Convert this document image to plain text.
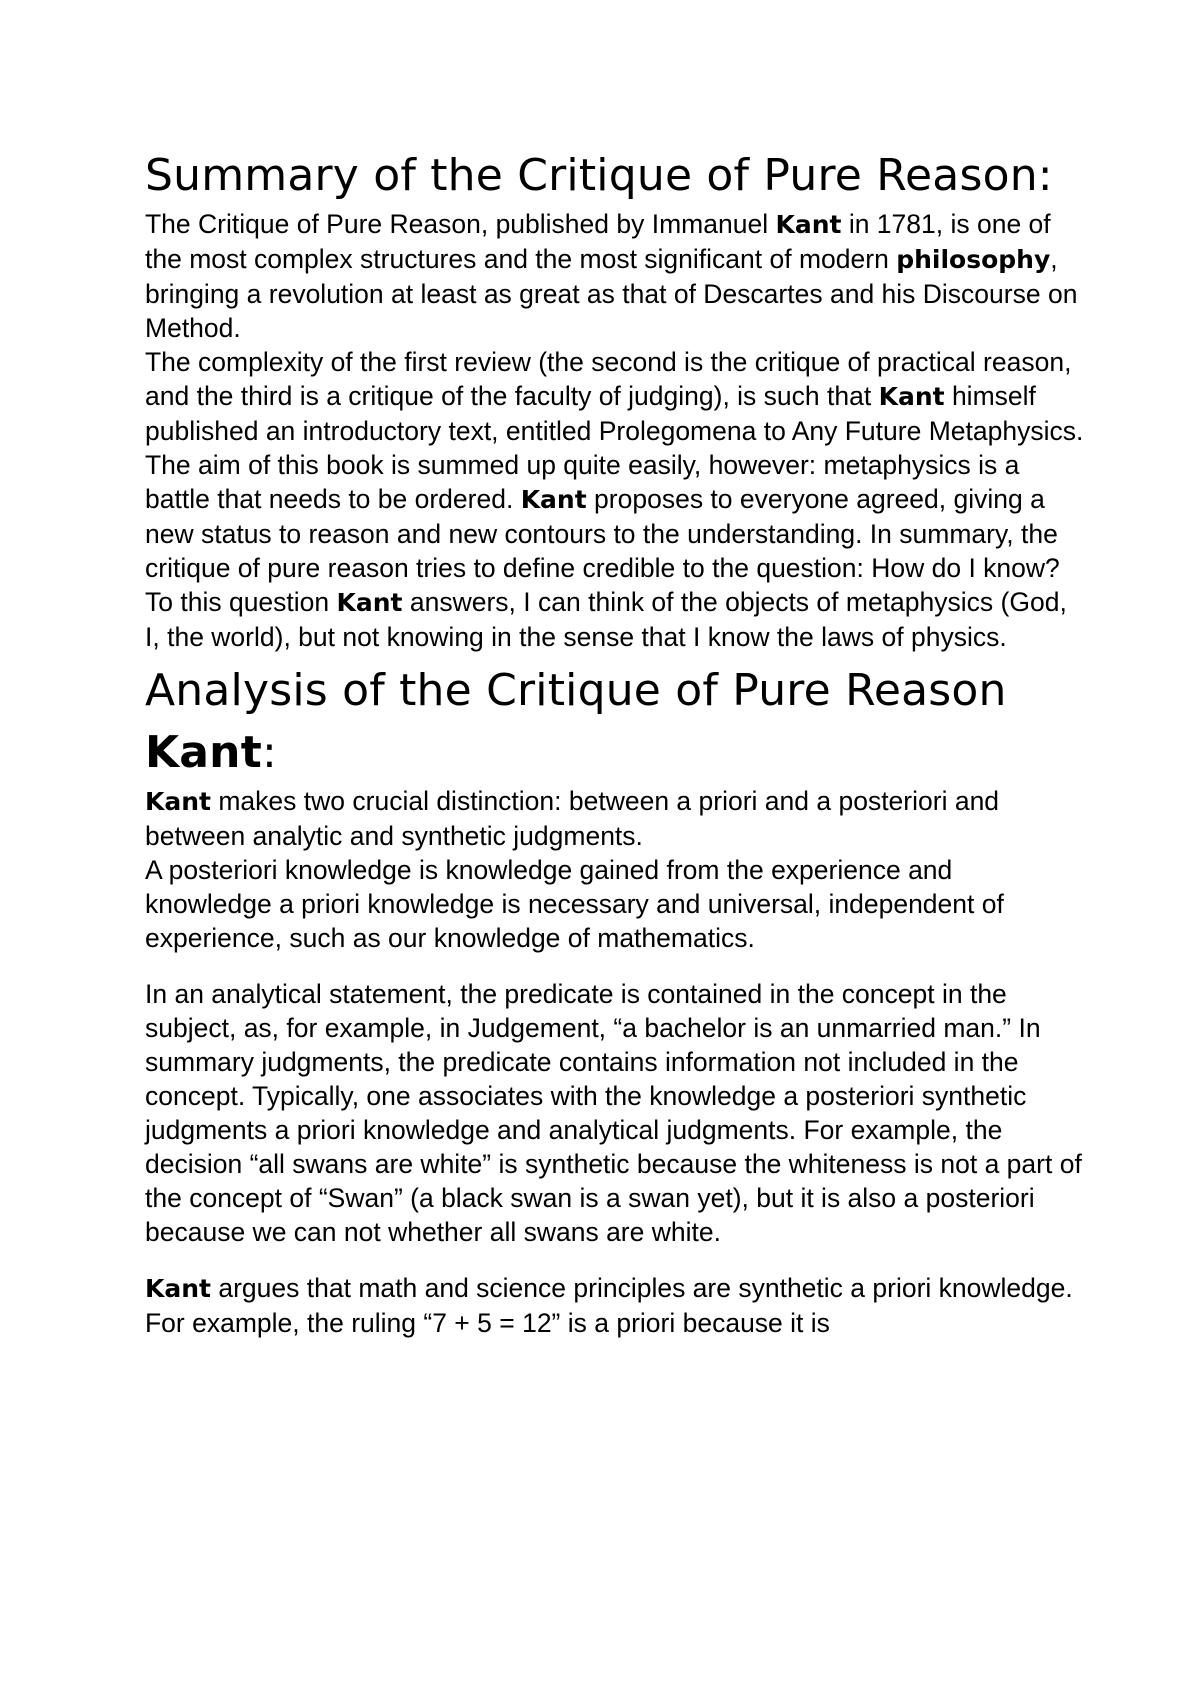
Summary of the Critique of Pure Reason:

The Critique of Pure Reason, published by Immanuel Kant in 1781, is one of the most complex structures and the most significant of modern philosophy, bringing a revolution at least as great as that of Descartes and his Discourse on Method.

The complexity of the first review (the second is the critique of practical reason, and the third is a critique of the faculty of judging), is such that Kant himself published an introductory text, entitled Prolegomena to Any Future Metaphysics.

The aim of this book is summed up quite easily, however: metaphysics is a battle that needs to be ordered. Kant proposes to everyone agreed, giving a new status to reason and new contours to the understanding. In summary, the critique of pure reason tries to define credible to the question: How do I know? To this question Kant answers, I can think of the objects of metaphysics (God, I, the world), but not knowing in the sense that I know the laws of physics.

Analysis of the Critique of Pure Reason Kant:

Kant makes two crucial distinction: between a priori and a posteriori and between analytic and synthetic judgments.

A posteriori knowledge is knowledge gained from the experience and knowledge a priori knowledge is necessary and universal, independent of experience, such as our knowledge of mathematics.

In an analytical statement, the predicate is contained in the concept in the subject, as, for example, in Judgement, “a bachelor is an unmarried man.” In summary judgments, the predicate contains information not included in the concept. Typically, one associates with the knowledge a posteriori synthetic judgments a priori knowledge and analytical judgments. For example, the decision “all swans are white” is synthetic because the whiteness is not a part of the concept of “Swan” (a black swan is a swan yet), but it is also a posteriori because we can not whether all swans are white.

Kant argues that math and science principles are synthetic a priori knowledge. For example, the ruling “7 + 5 = 12” is a priori because it is
